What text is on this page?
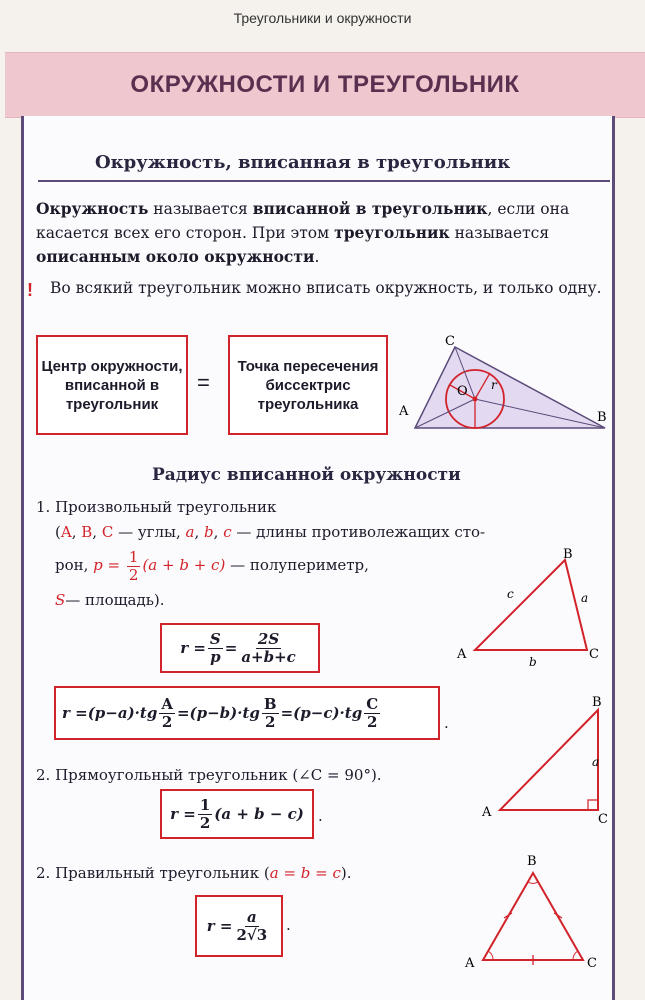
Треугольники и окружности
ОКРУЖНОСТИ И ТРЕУГОЛЬНИК
Окружность, вписанная в треугольник
Окружность называется вписанной в треугольник, если она касается всех его сторон. При этом треугольник называется описанным около окружности.
! Во всякий треугольник можно вписать окружность, и только одну.
Центр окружности, вписанной в треугольник
=
Точка пересечения биссектрис треугольника	A	B
C
O r
Радиус вписанной окружности
1. Произвольный треугольник
(A, B, C — углы, a, b, c — длины противолежащих сто-
рон, $p = \frac{1}{2} (a + b + c)$ — полупериметр,
S— площадь).
$r = \frac{S}{p} = \frac{2S}{a+b+c}$
$r =(p-a)\cdot tg \frac{A}{2} =(p-b)\cdot tg \frac{B}{2} =(p-c)\cdot tg \frac{C}{2}$	.
2. Прямоугольный треугольник (∠C = 90°).
$r = \frac{1}{2} (a + b - c)$ .
2. Правильный треугольник (a = b = c).
$r = \frac{a}{2√3}$ .
A
B
C
a
b
c
A
B
C
a
A
B
C
